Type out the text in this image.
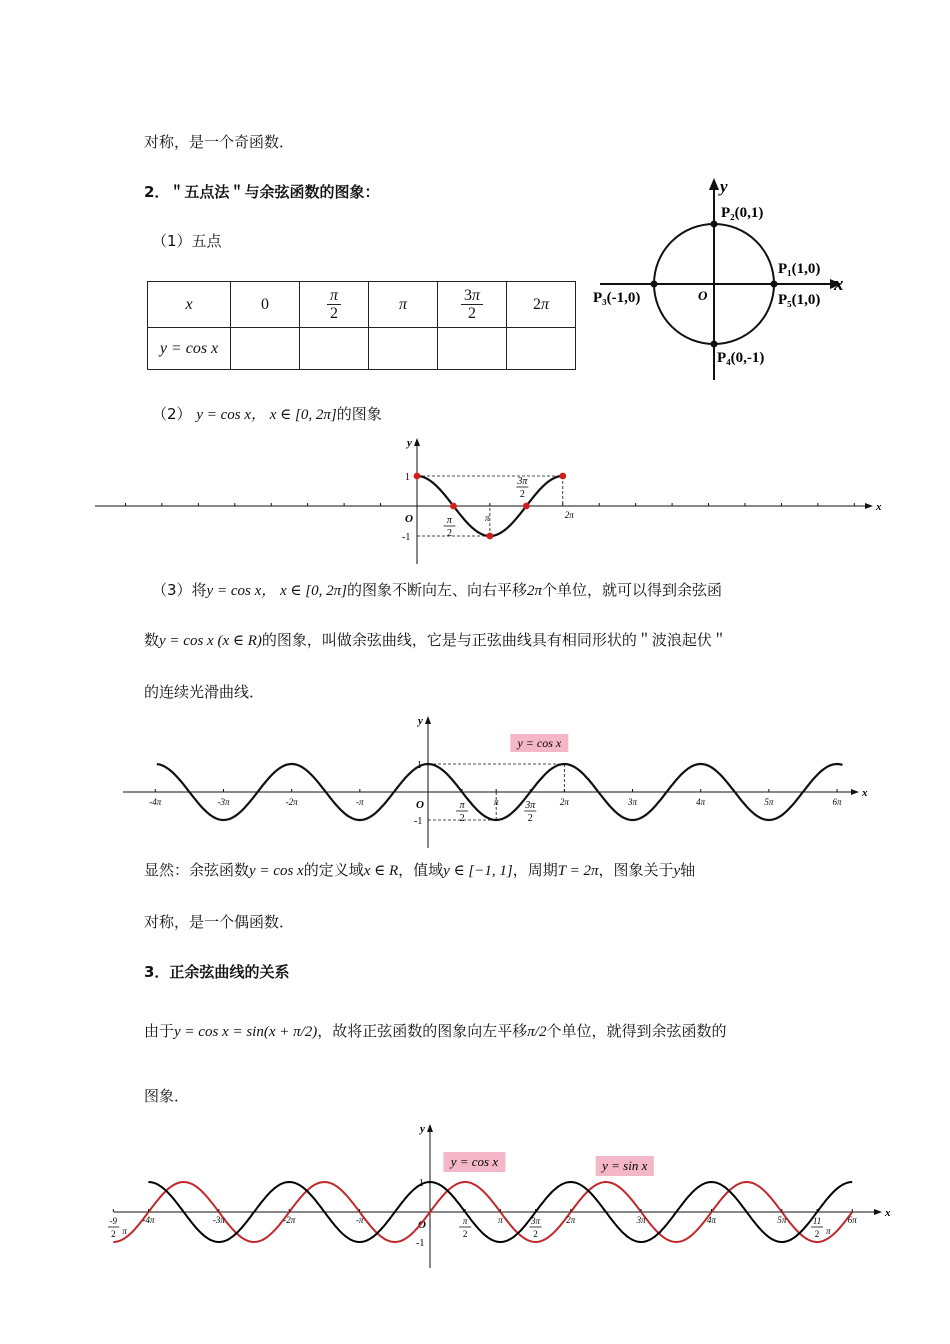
对称，是一个奇函数．
2．＂五点法＂与余弦函数的图象：
（1）五点
x	0	$\frac{\pi}{2}$	π	$\frac{3\pi}{2}$	2π
y = cos x					
y
x
O
P₂(0,1)
P₁(1,0)
P₅(1,0)
P₃(-1,0)
P₄(0,-1)
（2） y = cos x， x ∈ [0, 2π]的图象
x
y
O
1
-1
π
2
π
3π
2
2π
（3）将y = cos x， x ∈ [0, 2π]的图象不断向左、向右平移2π个单位，就可以得到余弦函
数y = cos x (x ∈ R)的图象，叫做余弦曲线，它是与正弦曲线具有相同形状的＂波浪起伏＂
的连续光滑曲线．
x
y
O
-4π	-3π	-2π	-π	π
2
π	3π
2
2π	3π	4π	5π	6π
1
-1
y = cos x
显然：余弦函数y = cos x的定义域x ∈ R，值域y ∈ [−1, 1]，周期T = 2π，图象关于y轴
对称，是一个偶函数．
3．正余弦曲线的关系
由于y = cos x = sin(x + π/2)，故将正弦函数的图象向左平移π/2个单位，就得到余弦函数的
图象．
x
y
O
-9
2 π
-4π	-3π	-2π	-π	π
2
π	3π
2
2π	3π	4π	5π	11
2 π
6π
1
-1
y = cos x	y = sin x
